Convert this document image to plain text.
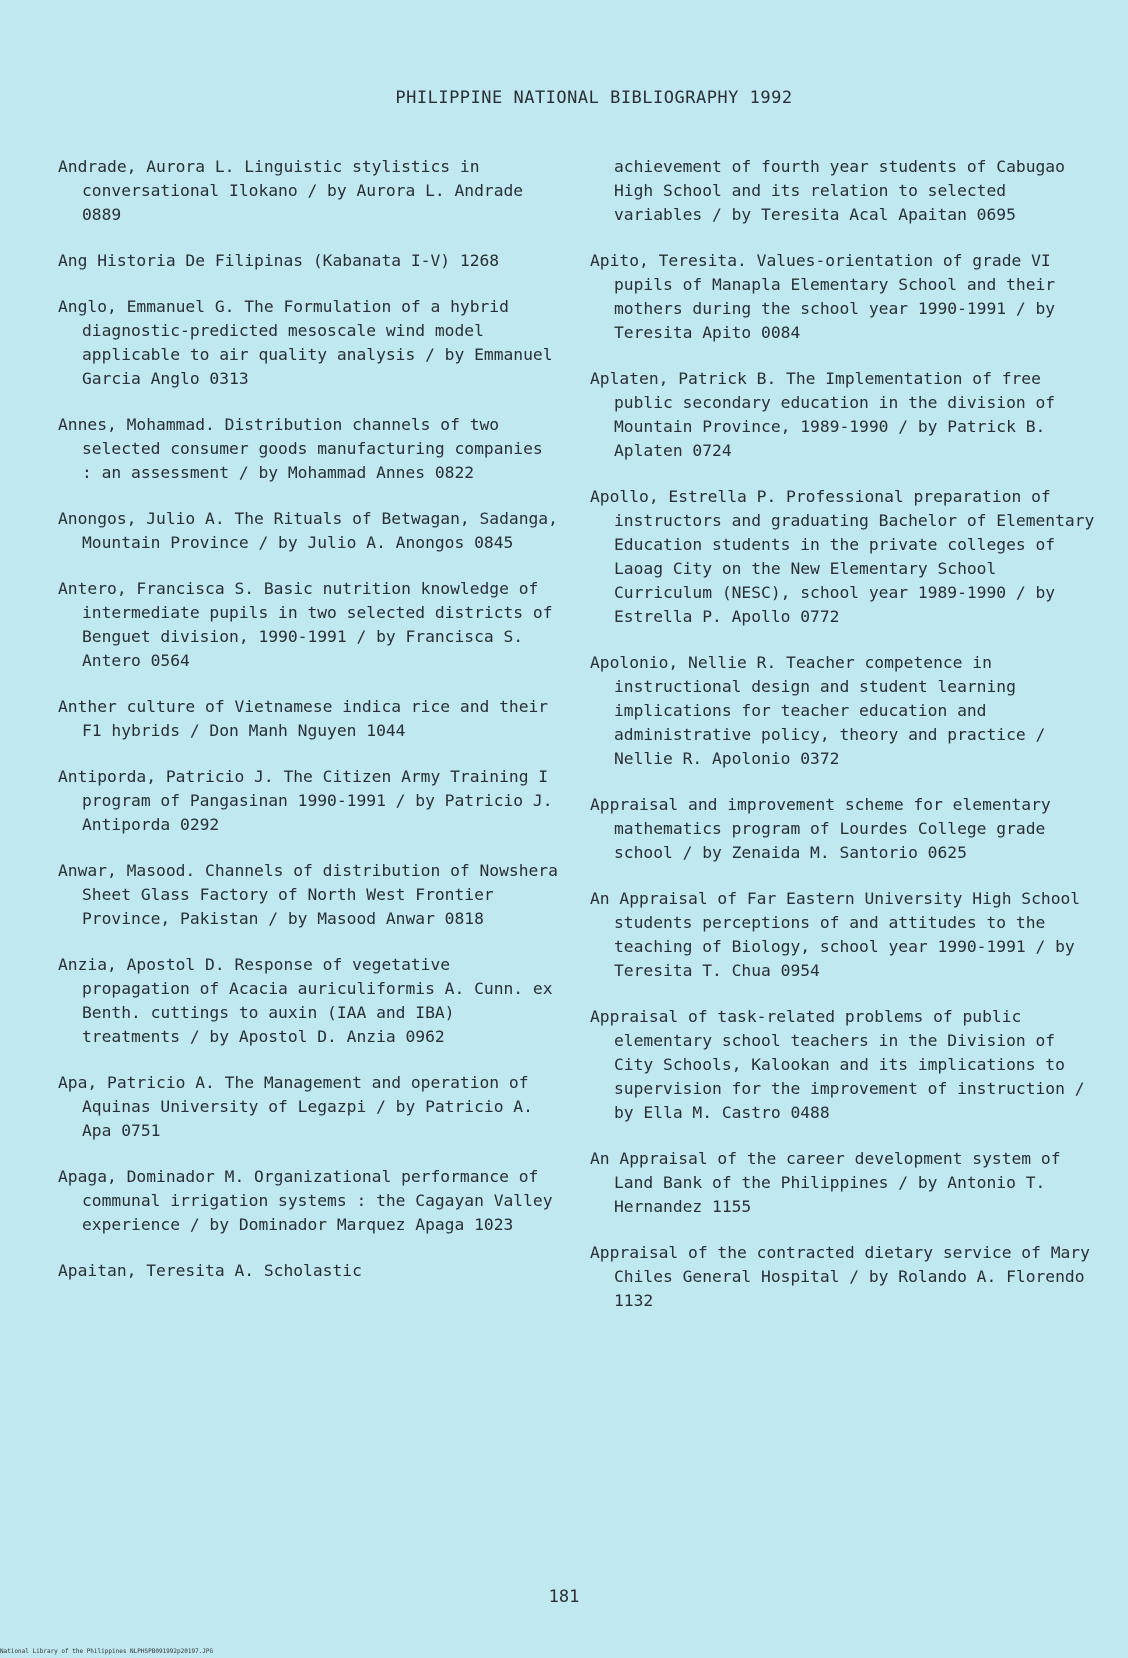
PHILIPPINE NATIONAL BIBLIOGRAPHY 1992

Andrade, Aurora L. Linguistic stylistics in conversational Ilokano / by Aurora L. Andrade 0889

Ang Historia De Filipinas (Kabanata I-V) 1268

Anglo, Emmanuel G. The Formulation of a hybrid diagnostic-predicted mesoscale wind model applicable to air quality analysis / by Emmanuel Garcia Anglo 0313

Annes, Mohammad. Distribution channels of two selected consumer goods manufacturing companies : an assessment / by Mohammad Annes 0822

Anongos, Julio A. The Rituals of Betwagan, Sadanga, Mountain Province / by Julio A. Anongos 0845

Antero, Francisca S. Basic nutrition knowledge of intermediate pupils in two selected districts of Benguet division, 1990-1991 / by Francisca S. Antero 0564

Anther culture of Vietnamese indica rice and their F1 hybrids / Don Manh Nguyen 1044

Antiporda, Patricio J. The Citizen Army Training I program of Pangasinan 1990-1991 / by Patricio J. Antiporda 0292

Anwar, Masood. Channels of distribution of Nowshera Sheet Glass Factory of North West Frontier Province, Pakistan / by Masood Anwar 0818

Anzia, Apostol D. Response of vegetative propagation of Acacia auriculiformis A. Cunn. ex Benth. cuttings to auxin (IAA and IBA) treatments / by Apostol D. Anzia 0962

Apa, Patricio A. The Management and operation of Aquinas University of Legazpi / by Patricio A. Apa 0751

Apaga, Dominador M. Organizational performance of communal irrigation systems : the Cagayan Valley experience / by Dominador Marquez Apaga 1023

Apaitan, Teresita A. Scholastic

achievement of fourth year students of Cabugao High School and its relation to selected variables / by Teresita Acal Apaitan 0695

Apito, Teresita. Values-orientation of grade VI pupils of Manapla Elementary School and their mothers during the school year 1990-1991 / by Teresita Apito 0084

Aplaten, Patrick B. The Implementation of free public secondary education in the division of Mountain Province, 1989-1990 / by Patrick B. Aplaten 0724

Apollo, Estrella P. Professional preparation of instructors and graduating Bachelor of Elementary Education students in the private colleges of Laoag City on the New Elementary School Curriculum (NESC), school year 1989-1990 / by Estrella P. Apollo 0772

Apolonio, Nellie R. Teacher competence in instructional design and student learning implications for teacher education and administrative policy, theory and practice / Nellie R. Apolonio 0372

Appraisal and improvement scheme for elementary mathematics program of Lourdes College grade school / by Zenaida M. Santorio 0625

An Appraisal of Far Eastern University High School students perceptions of and attitudes to the teaching of Biology, school year 1990-1991 / by Teresita T. Chua 0954

Appraisal of task-related problems of public elementary school teachers in the Division of City Schools, Kalookan and its implications to supervision for the improvement of instruction / by Ella M. Castro 0488

An Appraisal of the career development system of Land Bank of the Philippines / by Antonio T. Hernandez 1155

Appraisal of the contracted dietary service of Mary Chiles General Hospital / by Rolando A. Florendo 1132

181
National Library of the Philippines NLPHSPB091992p20197.JPG
